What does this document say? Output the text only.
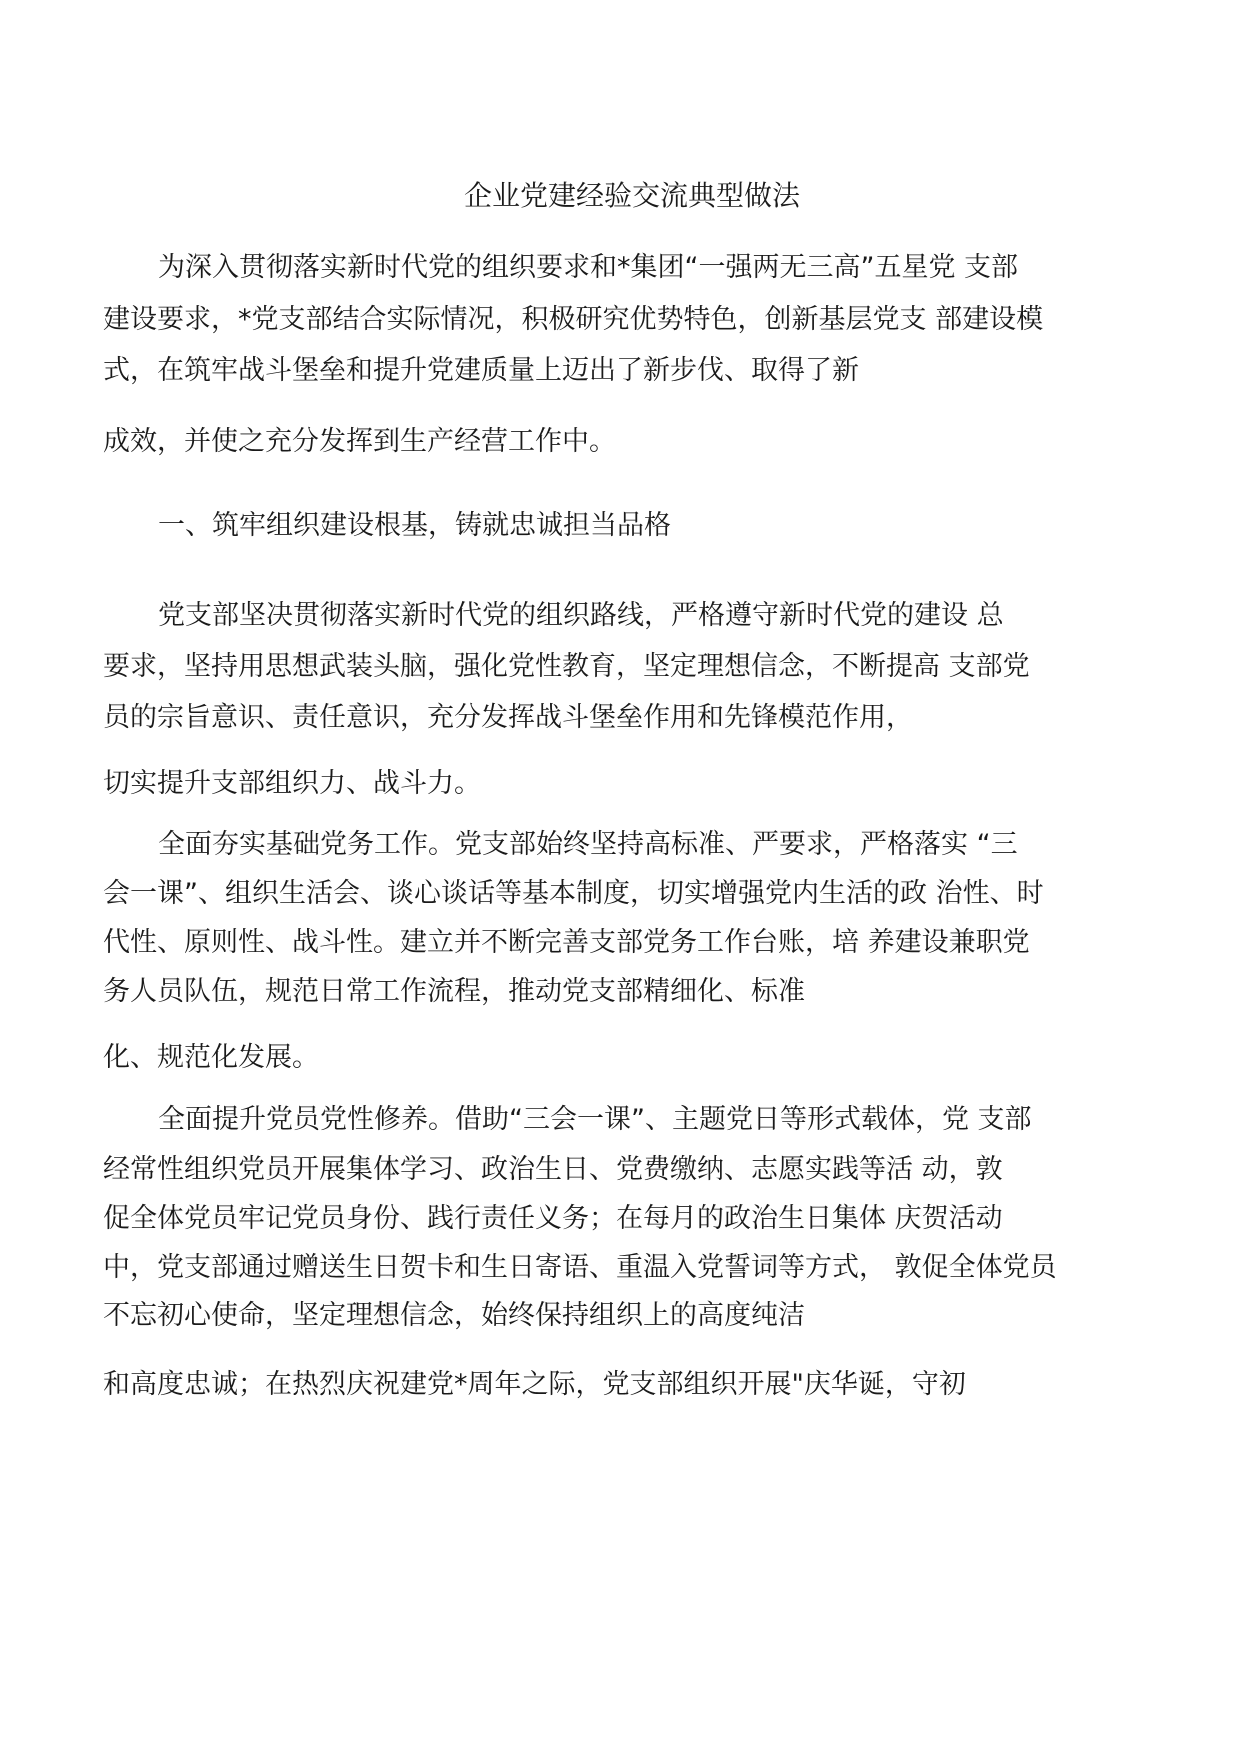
企业党建经验交流典型做法
为深入贯彻落实新时代党的组织要求和*集团“一强两无三高”五星党 支部
建设要求，*党支部结合实际情况，积极研究优势特色，创新基层党支 部建设模
式，在筑牢战斗堡垒和提升党建质量上迈出了新步伐、取得了新
成效，并使之充分发挥到生产经营工作中。
一、筑牢组织建设根基，铸就忠诚担当品格
党支部坚决贯彻落实新时代党的组织路线，严格遵守新时代党的建设 总
要求，坚持用思想武装头脑，强化党性教育，坚定理想信念，不断提高 支部党
员的宗旨意识、责任意识，充分发挥战斗堡垒作用和先锋模范作用，
切实提升支部组织力、战斗力。
全面夯实基础党务工作。党支部始终坚持高标准、严要求，严格落实 “三
会一课”、组织生活会、谈心谈话等基本制度，切实增强党内生活的政 治性、时
代性、原则性、战斗性。建立并不断完善支部党务工作台账，培 养建设兼职党
务人员队伍，规范日常工作流程，推动党支部精细化、标准
化、规范化发展。
全面提升党员党性修养。借助“三会一课”、主题党日等形式载体，党 支部
经常性组织党员开展集体学习、政治生日、党费缴纳、志愿实践等活 动，敦
促全体党员牢记党员身份、践行责任义务；在每月的政治生日集体 庆贺活动
中，党支部通过赠送生日贺卡和生日寄语、重温入党誓词等方式， 敦促全体党员
不忘初心使命，坚定理想信念，始终保持组织上的高度纯洁
和高度忠诚；在热烈庆祝建党*周年之际，党支部组织开展"庆华诞，守初
